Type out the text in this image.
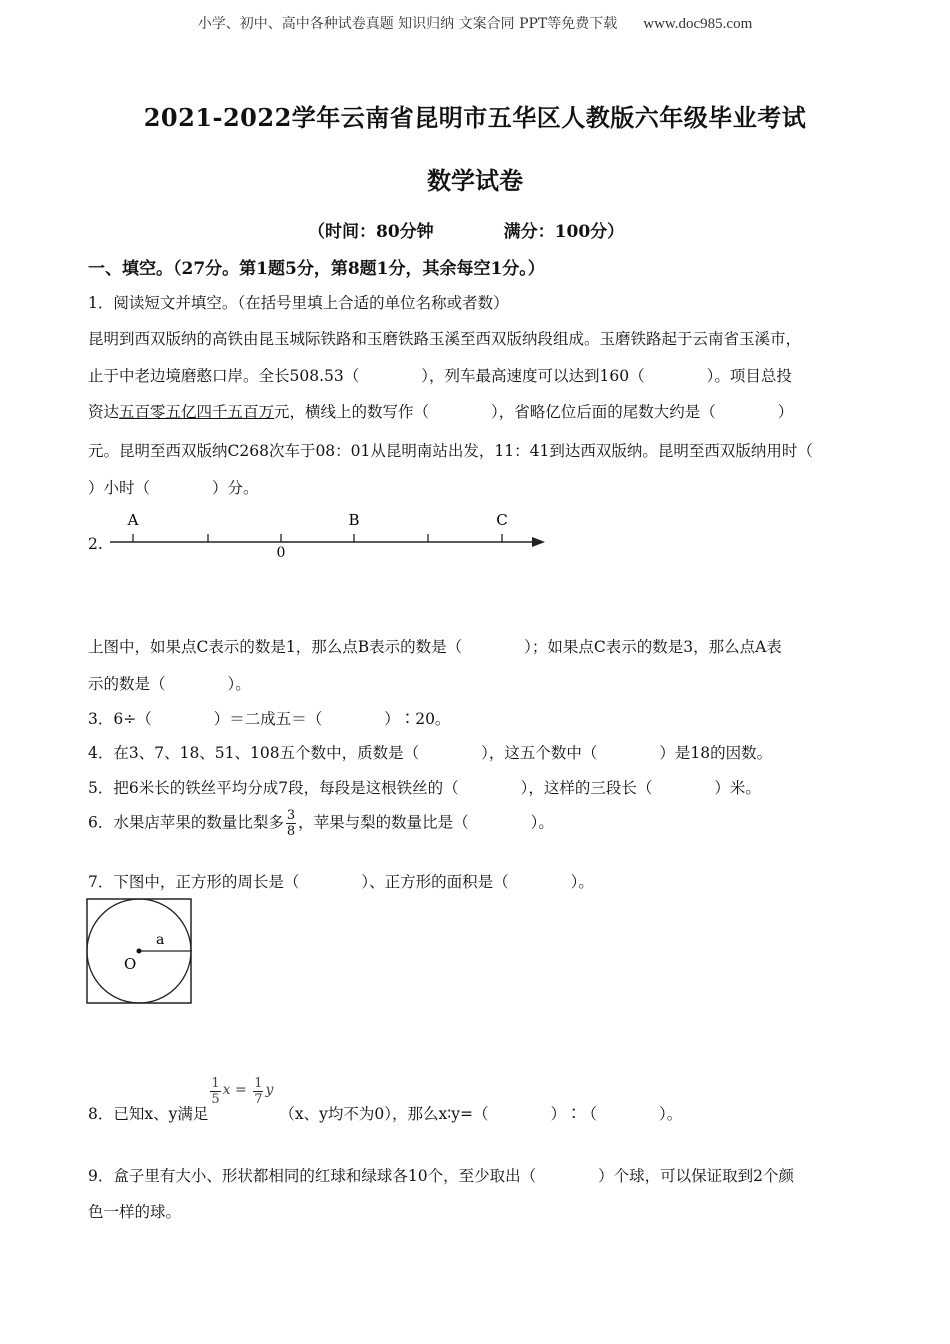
小学、初中、高中各种试卷真题 知识归纳 文案合同 PPT等免费下载 www.doc985.com
2021-2022学年云南省昆明市五华区人教版六年级毕业考试
数学试卷
（时间：80分钟	满分：100分）
一、填空。（27分。第1题5分，第8题1分，其余每空1分。）
1．阅读短文并填空。（在括号里填上合适的单位名称或者数）
昆明到西双版纳的高铁由昆玉城际铁路和玉磨铁路玉溪至西双版纳段组成。玉磨铁路起于云南省玉溪市，
止于中老边境磨憨口岸。全长508.53（　　　　），列车最高速度可以达到160（　　　　）。项目总投
资达五百零五亿四千五百万元，横线上的数写作（　　　　），省略亿位后面的尾数大约是（　　　　）
元。昆明至西双版纳C268次车于08：01从昆明南站出发，11：41到达西双版纳。昆明至西双版纳用时（
）小时（　　　　）分。
2.
A	B	C
0
上图中，如果点C表示的数是1，那么点B表示的数是（　　　　）；如果点C表示的数是3，那么点A表
示的数是（　　　　）。
3．6÷（　　　　）＝二成五＝（　　　　）∶20。
4．在3、7、18、51、108五个数中，质数是（　　　　），这五个数中（　　　　）是18的因数。
5．把6米长的铁丝平均分成7段，每段是这根铁丝的（　　　　），这样的三段长（　　　　）米。
6．水果店苹果的数量比梨多 $\frac{3}{8}$ ，苹果与梨的数量比是（　　　　）。
7．下图中，正方形的周长是（　　　　）、正方形的面积是（　　　　）。
a
O
8．已知x、y满足
$\frac{1}{5}$ $x = \frac{1}{7} y(x$、y均不为0），那么x∶y=（　　　　）∶（　　　　）。
9．盒子里有大小、形状都相同的红球和绿球各10个，至少取出（　　　　）个球，可以保证取到2个颜
色一样的球。
